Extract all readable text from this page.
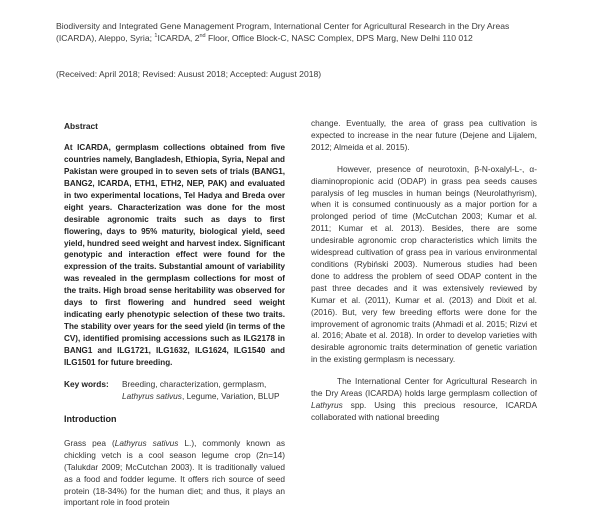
Biodiversity and Integrated Gene Management Program, International Center for Agricultural Research in the Dry Areas (ICARDA), Aleppo, Syria; $^1$ICARDA, 2nd Floor, Office Block-C, NASC Complex, DPS Marg, New Delhi 110 012
(Received: April 2018; Revised: Ausust 2018; Accepted: August 2018)
Abstract
At ICARDA, germplasm collections obtained from five countries namely, Bangladesh, Ethiopia, Syria, Nepal and Pakistan were grouped in to seven sets of trials (BANG1, BANG2, ICARDA, ETH1, ETH2, NEP, PAK) and evaluated in two experimental locations, Tel Hadya and Breda over eight years. Characterization was done for the most desirable agronomic traits such as days to first flowering, days to 95% maturity, biological yield, seed yield, hundred seed weight and harvest index. Significant genotypic and interaction effect were found for the expression of the traits. Substantial amount of variability was revealed in the germplasm collections for most of the traits. High broad sense heritability was observed for days to first flowering and hundred seed weight indicating early phenotypic selection of these two traits. The stability over years for the seed yield (in terms of the CV), identified promising accessions such as ILG2178 in BANG1 and ILG1721, ILG1632, ILG1624, ILG1540 and ILG1501 for future breeding.
Key words:	Breeding, characterization, germplasm, Lathyrus sativus, Legume, Variation, BLUP
Introduction
Grass pea (Lathyrus sativus L.), commonly known as chickling vetch is a cool season legume crop (2n=14) (Talukdar 2009; McCutchan 2003). It is traditionally valued as a food and fodder legume. It offers rich source of seed protein (18-34%) for the human diet; and thus, it plays an important role in food protein
change. Eventually, the area of grass pea cultivation is expected to increase in the near future (Dejene and Lijalem, 2012; Almeida et al. 2015).
However, presence of neurotoxin, β-N-oxalyl-L-, α-diaminopropionic acid (ODAP) in grass pea seeds causes paralysis of leg muscles in human beings (Neurolathyrism), when it is consumed continuously as a major portion for a prolonged period of time (McCutchan 2003; Kumar et al. 2011; Kumar et al. 2013). Besides, there are some undesirable agronomic crop characteristics which limits the widespread cultivation of grass pea in various environmental conditions (Rybiński 2003). Numerous studies had been done to address the problem of seed ODAP content in the past three decades and it was extensively reviewed by Kumar et al. (2011), Kumar et al. (2013) and Dixit et al. (2016). But, very few breeding efforts were done for the improvement of agronomic traits (Ahmadi et al. 2015; Rizvi et al. 2016; Abate et al. 2018). In order to develop varieties with desirable agronomic traits determination of genetic variation in the existing germplasm is necessary.
The International Center for Agricultural Research in the Dry Areas (ICARDA) holds large germplasm collection of Lathyrus spp. Using this precious resource, ICARDA collaborated with national breeding
